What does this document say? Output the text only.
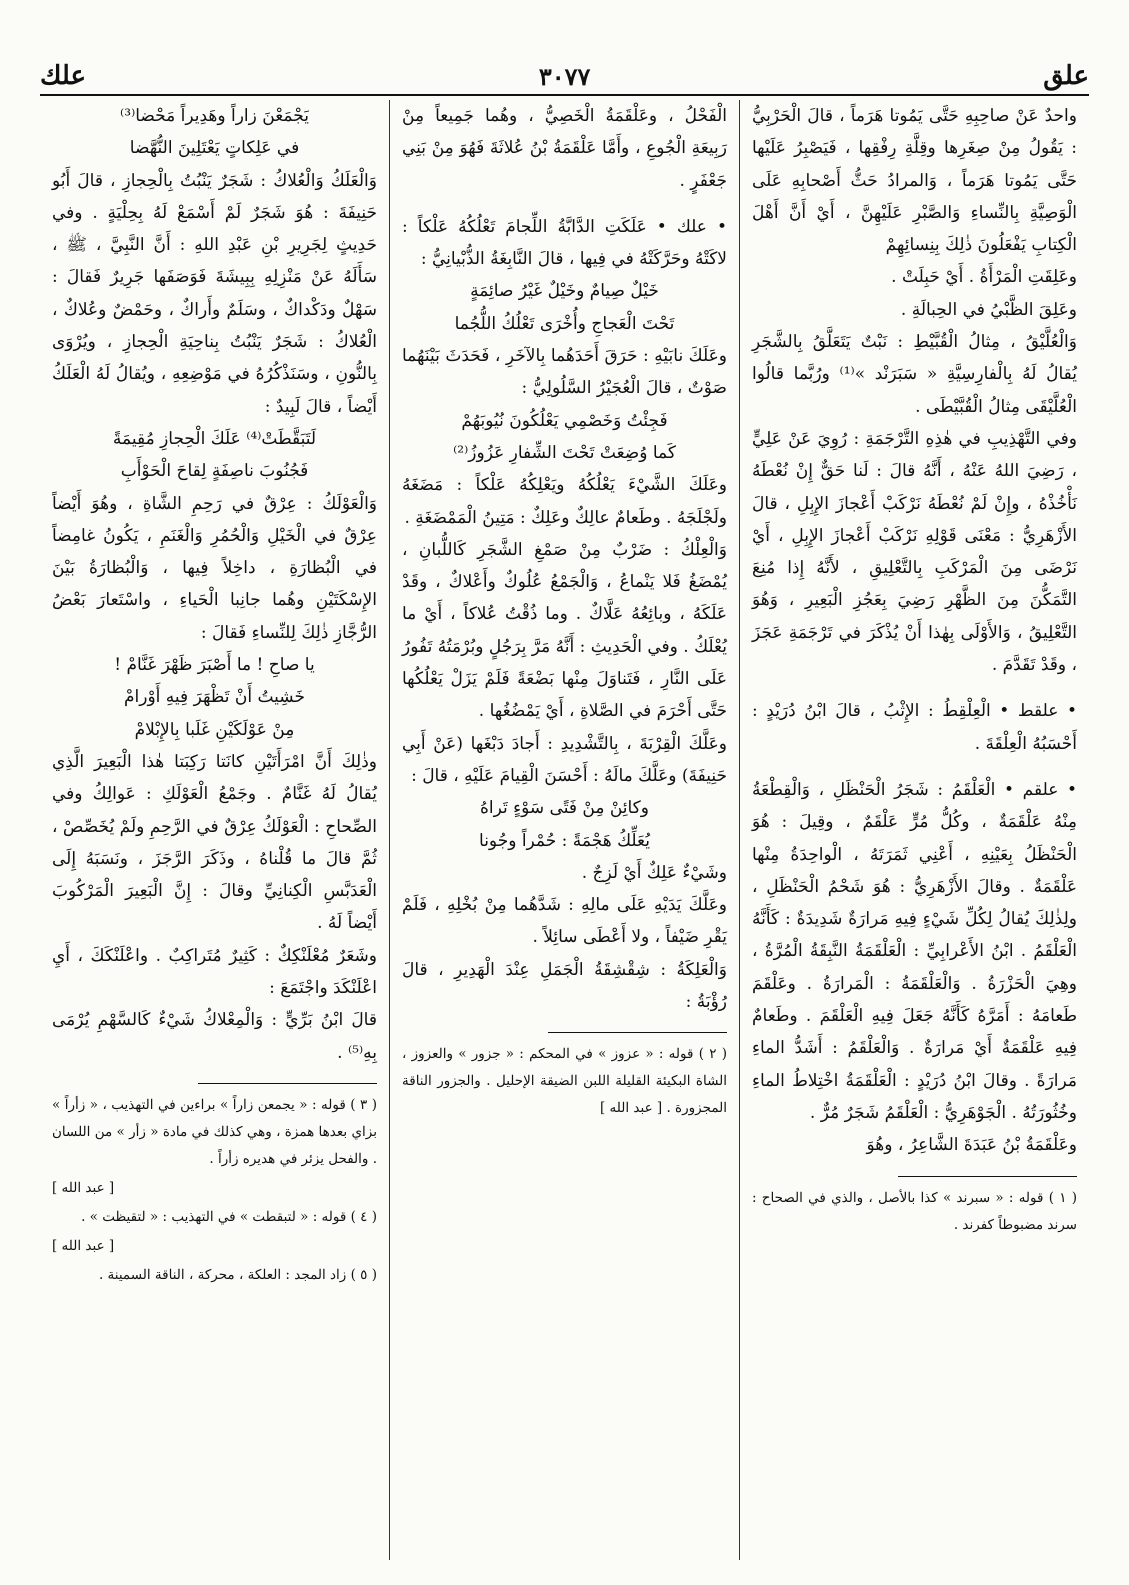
علق
٣٠٧٧
علك

واحدٌ عَنْ صاحِبِهِ حَتَّى يَمُوتا هَرَماً ، قالَ الْحَرْبِيُّ : يَقُولُ مِنْ صِغَرِها وقِلَّةِ رِفْقِها ، فَيَصْبِرُ عَلَيْها حَتَّى يَمُوتا هَرَماً ، وَالمرادُ حَثُّ أَصْحابِهِ عَلَى الْوَصِيَّةِ بِالنِّساءِ وَالصَّبْرِ عَلَيْهِنَّ ، أَيْ أَنَّ أَهْلَ الْكِتابِ يَفْعَلُونَ ذٰلِكَ بِنِسائِهِمْ

وعَلِقَتِ الْمَرْأَةُ . أَيْ حَبِلَتْ .

وعَلِقَ الظَّبْيُ في الحِبالَةِ .

وَالْعُلَّيْقُ ، مِثالُ الْقُبَّيْطِ : نَبْتٌ يَتَعَلَّقُ بِالشَّجَرِ يُقالُ لَهُ بِالْفارِسِيَّةِ « سَبَرَنْد »⁽¹⁾ ورُبَّما قالُوا الْعُلَّيْقَى مِثالُ الْقُبَّيْطَى .

وفي التَّهْذِيبِ في هٰذِهِ التَّرْجَمَةِ : رُوِيَ عَنْ عَلِيٍّ ، رَضِيَ اللهُ عَنْهُ ، أَنَّهُ قالَ : لَنا حَقٌّ إِنْ نُعْطَهُ نَأْخُذْهُ ، وإِنْ لَمْ نُعْطَهُ نَرْكَبْ أَعْجازَ الإِبِلِ ، قالَ الأَزْهَرِيُّ : مَعْنَى قَوْلِهِ نَرْكَبْ أَعْجازَ الإِبِلِ ، أَيْ نَرْضَى مِنَ الْمَرْكَبِ بِالتَّعْلِيقِ ، لأَنَّهُ إِذا مُنِعَ التَّمَكُّنَ مِنَ الظَّهْرِ رَضِيَ بِعَجُزِ الْبَعِيرِ ، وَهُوَ التَّعْلِيقُ ، وَالأَوْلَى بِهٰذا أَنْ يُذْكَرَ في تَرْجَمَةِ عَجَزَ ، وقَدْ تَقَدَّمَ .

• علقط • الْعِلْقِطُ : الإِثْبُ ، قالَ ابْنُ دُرَيْدٍ : أَحْسَبُهُ الْعِلْقَةَ .

• علقم • الْعَلْقَمُ : شَجَرُ الْحَنْظَلِ ، وَالْقِطْعَةُ مِنْهُ عَلْقَمَةٌ ، وكُلُّ مُرٍّ عَلْقَمٌ ، وقِيلَ : هُوَ الْحَنْظَلُ بِعَيْنِهِ ، أَعْنِي ثَمَرَتَهُ ، الْواحِدَةُ مِنْها عَلْقَمَةٌ . وقالَ الأَزْهَرِيُّ : هُوَ شَحْمُ الْحَنْظَلِ ، ولِذٰلِكَ يُقالُ لِكُلِّ شَيْءٍ فِيهِ مَرارَةٌ شَدِيدَةٌ : كَأَنَّهُ الْعَلْقَمُ . ابْنُ الأَعْرابِيِّ : الْعَلْقَمَةُ النَّبِقَةُ الْمُرَّةُ ، وهِيَ الْحَزْرَةُ . وَالْعَلْقَمَةُ : الْمَرارَةُ . وعَلْقَمَ طَعامَهُ : أَمَرَّهُ كَأَنَّهُ جَعَلَ فِيهِ الْعَلْقَمَ . وطَعامٌ فِيهِ عَلْقَمَةٌ أَيْ مَرارَةٌ . وَالْعَلْقَمُ : أَشَدُّ الماءِ مَرارَةً . وقالَ ابْنُ دُرَيْدٍ : الْعَلْقَمَةُ اخْتِلاطُ الماءِ وخُثُورَتُهُ . الْجَوْهَرِيُّ : الْعَلْقَمُ شَجَرٌ مُرٌّ .

وعَلْقَمَةُ بْنُ عَبَدَةَ الشَّاعِرُ ، وهُوَ

( ١ ) قوله : « سبرند » كذا بالأصل ، والذي في الصحاح : سرند مضبوطاً كفرند .

الْفَحْلُ ، وعَلْقَمَةُ الْخَصِيُّ ، وهُما جَمِيعاً مِنْ رَبِيعَةِ الْجُوعِ ، وأَمَّا عَلْقَمَةُ بْنُ عُلاثَةَ فَهُوَ مِنْ بَنِي جَعْفَرٍ .

• علك • عَلَكَتِ الدَّابَّةُ اللِّجامَ تَعْلُكُهُ عَلْكاً : لاكَتْهُ وحَرَّكَتْهُ في فِيها ، قالَ النَّابِغَةُ الذُّبْيانِيُّ :

خَيْلٌ صِيامٌ وخَيْلٌ غَيْرُ صائِمَةٍ

تَحْتَ الْعَجاجِ وأُخْرَى تَعْلُكُ اللُّجُما

وعَلَكَ نابَيْهِ : حَرَقَ أَحَدَهُما بِالآخَرِ ، فَحَدَثَ بَيْنَهُما صَوْتٌ ، قالَ الْعُجَيْرُ السَّلُولِيُّ :

فَجِئْتُ وَخَصْمِي يَعْلُكُونَ نُيُوبَهُمْ

كَما وُضِعَتْ تَحْتَ الشِّفارِ عَزُوزُ⁽²⁾

وعَلَكَ الشَّيْءَ يَعْلُكُهُ ويَعْلِكُهُ عَلْكاً : مَضَغَهُ ولَجْلَجَهُ . وطَعامٌ عالِكٌ وعَلِكٌ : مَتِينُ الْمَمْضَغَةِ .

وَالْعِلْكُ : ضَرْبٌ مِنْ صَمْغِ الشَّجَرِ كَاللُّبانِ ، يُمْضَغُ فَلا يَنْماعُ ، وَالْجَمْعُ عُلُوكٌ وأَعْلاكٌ ، وقَدْ عَلَكَهُ ، وبائِعُهُ عَلَّاكٌ . وما ذُقْتُ عُلاكاً ، أَيْ ما يُعْلَكُ . وفي الْحَدِيثِ : أَنَّهُ مَرَّ بِرَجُلٍ وبُرْمَتُهُ تَفُورُ عَلَى النَّارِ ، فَتَناوَلَ مِنْها بَضْعَةً فَلَمْ يَزَلْ يَعْلُكُها حَتَّى أَحْرَمَ في الصَّلاةِ ، أَيْ يَمْضُغُها .

وعَلَّكَ الْقِرْبَةَ ، بِالتَّشْدِيدِ : أَجادَ دَبْغَها (عَنْ أَبِي حَنِيفَةَ) وعَلَّكَ مالَهُ : أَحْسَنَ الْقِيامَ عَلَيْهِ ، قالَ :

وكائِنْ مِنْ فَتًى سَوْءٍ تَراهُ

يُعَلِّكُ هَجْمَةً : حُمْراً وجُونا

وشَيْءٌ عَلِكٌ أَيْ لَزِجٌ .

وعَلَّكَ يَدَيْهِ عَلَى مالِهِ : شَدَّهُما مِنْ بُخْلِهِ ، فَلَمْ يَقْرِ ضَيْفاً ، ولا أَعْطَى سائِلاً .

وَالْعَلِكَةُ : شِقْشِقَةُ الْجَمَلِ عِنْدَ الْهَدِيرِ ، قالَ رُؤْبَةُ :

( ٢ ) قوله : « عزوز » في المحكم : « جزور » والعزوز ، الشاة البكيئة القليلة اللبن الضيقة الإحليل . والجزور الناقة المجزورة . [ عبد الله ]

يَجْمَعْنَ زاراً وهَدِيراً مَحْضا⁽³⁾

في عَلِكاتٍ يَعْتَلِينَ النُّهَّضا

وَالْعَلَكُ وَالْعُلاكُ : شَجَرٌ يَنْبُتُ بِالْحِجازِ ، قالَ أَبُو حَنِيفَةَ : هُوَ شَجَرٌ لَمْ أَسْمَعْ لَهُ بِحِلْيَةٍ . وفي حَدِيثٍ لِجَرِيرِ بْنِ عَبْدِ اللهِ : أَنَّ النَّبِيَّ ، ﷺ ، سَأَلَهُ عَنْ مَنْزِلِهِ بِبِيشَةَ فَوَصَفَها جَرِيرٌ فَقالَ : سَهْلٌ ودَكْداكٌ ، وسَلَمٌ وأَراكٌ ، وحَمْضٌ وعُلاكٌ ، الْعُلاكُ : شَجَرٌ يَنْبُتُ بِناحِيَةِ الْحِجازِ ، ويُرْوَى بِالنُّونِ ، وسَنَذْكُرُهُ في مَوْضِعِهِ ، ويُقالُ لَهُ الْعَلَكُ أَيْضاً ، قالَ لَبِيدٌ :

لَتَبَقَّطَتْ⁽⁴⁾ عَلَكَ الْحِجازِ مُقِيمَةً

فَجُنُوبَ ناصِفَةٍ لِقاحَ الْحَوْأَبِ

وَالْعَوْلَكُ : عِرْقٌ في رَحِمِ الشَّاةِ ، وهُوَ أَيْضاً عِرْقٌ في الْخَيْلِ وَالْحُمُرِ وَالْغَنَمِ ، يَكُونُ غامِضاً في الْبُظارَةِ ، داخِلاً فِيها ، وَالْبُظارَةُ بَيْنَ الإِسْكَتَيْنِ وهُما جانِبا الْحَياءِ ، واسْتَعارَ بَعْضُ الرُّجَّازِ ذٰلِكَ لِلنِّساءِ فَقالَ :

يا صاحِ ! ما أَصْبَرَ ظَهْرَ غَنَّامْ !

خَشِيتُ أَنْ تَظْهَرَ فِيهِ أَوْرامْ

مِنْ عَوْلَكَيْنِ غَلَبا بِالإِبْلامْ

وذٰلِكَ أَنَّ امْرَأَتَيْنِ كانَتا رَكِبَتا هٰذا الْبَعِيرَ الَّذِي يُقالُ لَهُ غَنَّامٌ . وجَمْعُ الْعَوْلَكِ : عَوالِكُ وفي الصِّحاحِ : الْعَوْلَكُ عِرْقٌ في الرَّحِمِ ولَمْ يُخَصِّصْ ، ثُمَّ قالَ ما قُلْناهُ ، وذَكَرَ الرَّجَزَ ، ونَسَبَهُ إِلَى الْعَدَبَّسِ الْكِنانِيِّ وقالَ : إِنَّ الْبَعِيرَ الْمَرْكُوبَ أَيْضاً لَهُ .

وشَعَرٌ مُعْلَنْكِكٌ : كَثِيرٌ مُتَراكِبٌ . واعْلَنْكَكَ ، أَيِ اعْلَنْكَدَ واجْتَمَعَ :

قالَ ابْنُ بَرِّيٍّ : وَالْمِعْلاكُ شَيْءٌ كَالسَّهْمِ يُرْمَى بِهِ⁽⁵⁾ .

( ٣ ) قوله : « يجمعن زاراً » براءين في التهذيب ، « زأراً » بزاي بعدها همزة ، وهي كذلك في مادة « زأر » من اللسان . والفحل يزئر في هديره زأراً .

[ عبد الله ]

( ٤ ) قوله : « لتبقطت » في التهذيب : « لتقيظت » .

[ عبد الله ]

( ٥ ) زاد المجد : العلكة ، محركة ، الناقة السمينة .
